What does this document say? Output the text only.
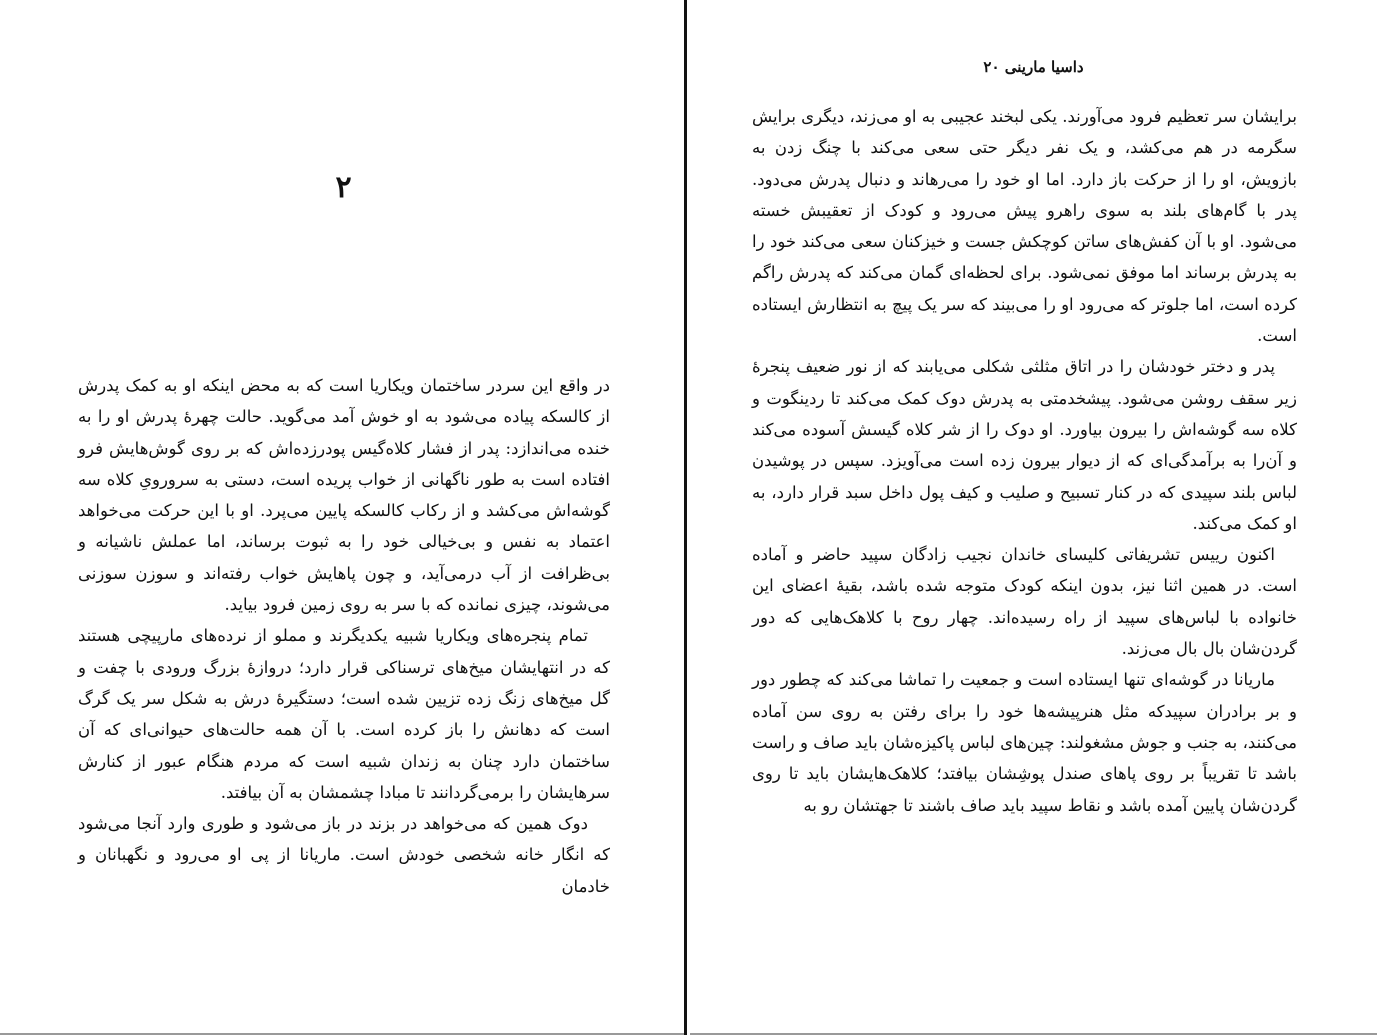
۲

در واقع این سردر ساختمان ویکاریا است که به محض اینکه او به کمک پدرش از کالسکه پیاده می‌شود به او خوش آمد می‌گوید. حالت چهرهٔ پدرش او را به خنده می‌اندازد: پدر از فشار کلاه‌گیس پودرزده‌اش که بر روی گوش‌هایش فرو افتاده است به طور ناگهانی از خواب پریده است، دستی به سرورویِ کلاه سه گوشه‌اش می‌کشد و از رکاب کالسکه پایین می‌پرد. او با این حرکت می‌خواهد اعتماد به نفس و بی‌خیالی خود را به ثبوت برساند، اما عملش ناشیانه و بی‌ظرافت از آب درمی‌آید، و چون پاهایش خواب رفته‌اند و سوزن سوزنی می‌شوند، چیزی نمانده که با سر به روی زمین فرود بیاید.

تمام پنجره‌های ویکاریا شبیه یکدیگرند و مملو از نرده‌های مارپیچی هستند که در انتهایشان میخ‌های ترسناکی قرار دارد؛ دروازهٔ بزرگ ورودی با چفت و گل میخ‌های زنگ زده تزیین شده است؛ دستگیرهٔ درش به شکل سر یک گرگ است که دهانش را باز کرده است. با آن همه حالت‌های حیوانی‌ای که آن ساختمان دارد چنان به زندان شبیه است که مردم هنگام عبور از کنارش سرهایشان را برمی‌گردانند تا مبادا چشمشان به آن بیافتد.

دوک همین که می‌خواهد در بزند در باز می‌شود و طوری وارد آنجا می‌شود که انگار خانه شخصی خودش است. ماریانا از پی او می‌رود و نگهبانان و خادمان

داسیا مارینی ۲۰

برایشان سر تعظیم فرود می‌آورند. یکی لبخند عجیبی به او می‌زند، دیگری برایش سگرمه در هم می‌کشد، و یک نفر دیگر حتی سعی می‌کند با چنگ زدن به بازویش، او را از حرکت باز دارد. اما او خود را می‌رهاند و دنبال پدرش می‌دود. پدر با گام‌های بلند به سوی راهرو پیش می‌رود و کودک از تعقیبش خسته می‌شود. او با آن کفش‌های ساتن کوچکش جست و خیزکنان سعی می‌کند خود را به پدرش برساند اما موفق نمی‌شود. برای لحظه‌ای گمان می‌کند که پدرش راگم کرده است، اما جلوتر که می‌رود او را می‌بیند که سر یک پیچ به انتظارش ایستاده است.

پدر و دختر خودشان را در اتاق مثلثی شکلی می‌یابند که از نور ضعیف پنجرهٔ زیر سقف روشن می‌شود. پیشخدمتی به پدرش دوک کمک می‌کند تا ردینگوت و کلاه سه گوشه‌اش را بیرون بیاورد. او دوک را از شر کلاه گیسش آسوده می‌کند و آن‌را به برآمدگی‌ای که از دیوار بیرون زده است می‌آویزد. سپس در پوشیدن لباس بلند سپیدی که در کنار تسبیح و صلیب و کیف پول داخل سبد قرار دارد، به او کمک می‌کند.

اکنون رییس تشریفاتی کلیسای خاندان نجیب زادگان سپید حاضر و آماده است. در همین اثنا نیز، بدون اینکه کودک متوجه شده باشد، بقیهٔ اعضای این خانواده با لباس‌های سپید از راه رسیده‌اند. چهار روح با کلاهک‌هایی که دور گردن‌شان بال بال می‌زند.

ماریانا در گوشه‌ای تنها ایستاده است و جمعیت را تماشا می‌کند که چطور دور و بر برادران سپیدکه مثل هنرپیشه‌ها خود را برای رفتن به روی سن آماده می‌کنند، به جنب و جوش مشغولند: چین‌های لباس پاکیزه‌شان باید صاف و راست باشد تا تقریباً بر روی پاهای صندل پوشِشان بیافتد؛ کلاهک‌هایشان باید تا روی گردن‌شان پایین آمده باشد و نقاط سپید باید صاف باشند تا جهتشان رو به
